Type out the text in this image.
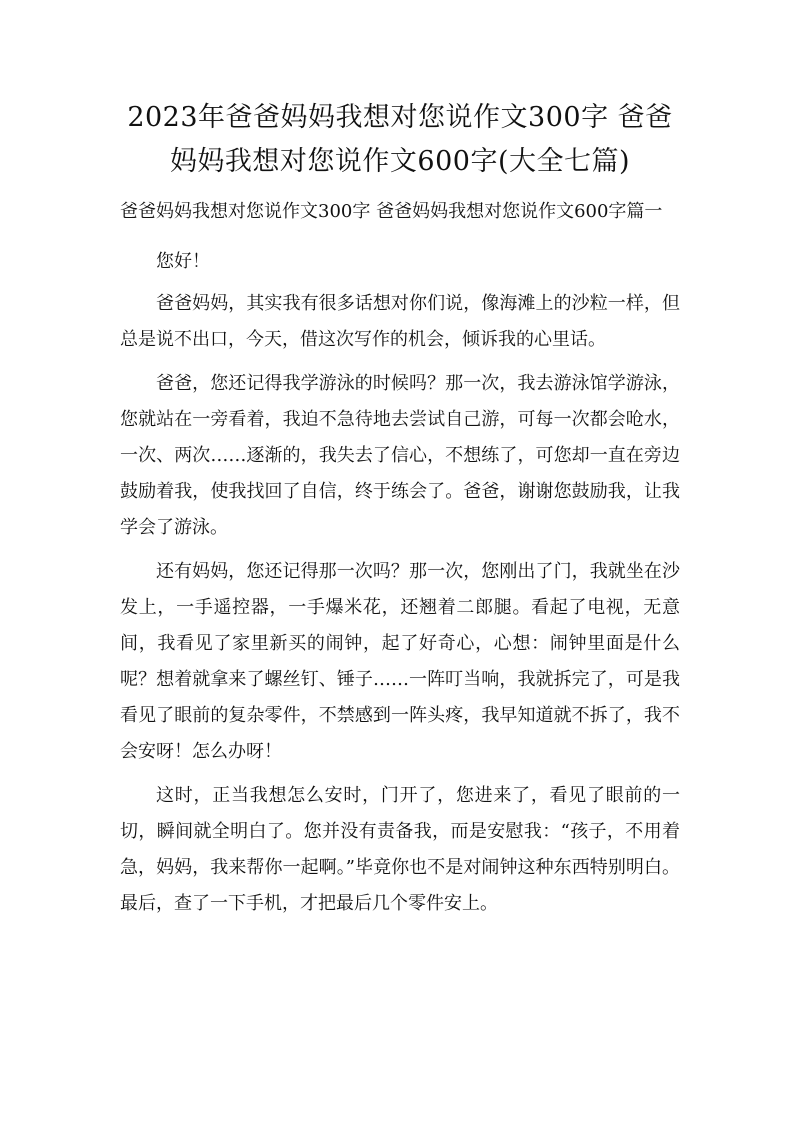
2023年爸爸妈妈我想对您说作文300字 爸爸妈妈我想对您说作文600字(大全七篇)

爸爸妈妈我想对您说作文300字 爸爸妈妈我想对您说作文600字篇一

您好！

爸爸妈妈，其实我有很多话想对你们说，像海滩上的沙粒一样，但总是说不出口，今天，借这次写作的机会，倾诉我的心里话。

爸爸，您还记得我学游泳的时候吗？那一次，我去游泳馆学游泳，您就站在一旁看着，我迫不急待地去尝试自己游，可每一次都会呛水，一次、两次……逐渐的，我失去了信心，不想练了，可您却一直在旁边鼓励着我，使我找回了自信，终于练会了。爸爸，谢谢您鼓励我，让我学会了游泳。

还有妈妈，您还记得那一次吗？那一次，您刚出了门，我就坐在沙发上，一手遥控器，一手爆米花，还翘着二郎腿。看起了电视，无意间，我看见了家里新买的闹钟，起了好奇心，心想：闹钟里面是什么呢？想着就拿来了螺丝钉、锤子……一阵叮当响，我就拆完了，可是我看见了眼前的复杂零件，不禁感到一阵头疼，我早知道就不拆了，我不会安呀！怎么办呀！

这时，正当我想怎么安时，门开了，您进来了，看见了眼前的一切，瞬间就全明白了。您并没有责备我，而是安慰我：“孩子，不用着急，妈妈，我来帮你一起啊。”毕竟你也不是对闹钟这种东西特别明白。最后，查了一下手机，才把最后几个零件安上。
